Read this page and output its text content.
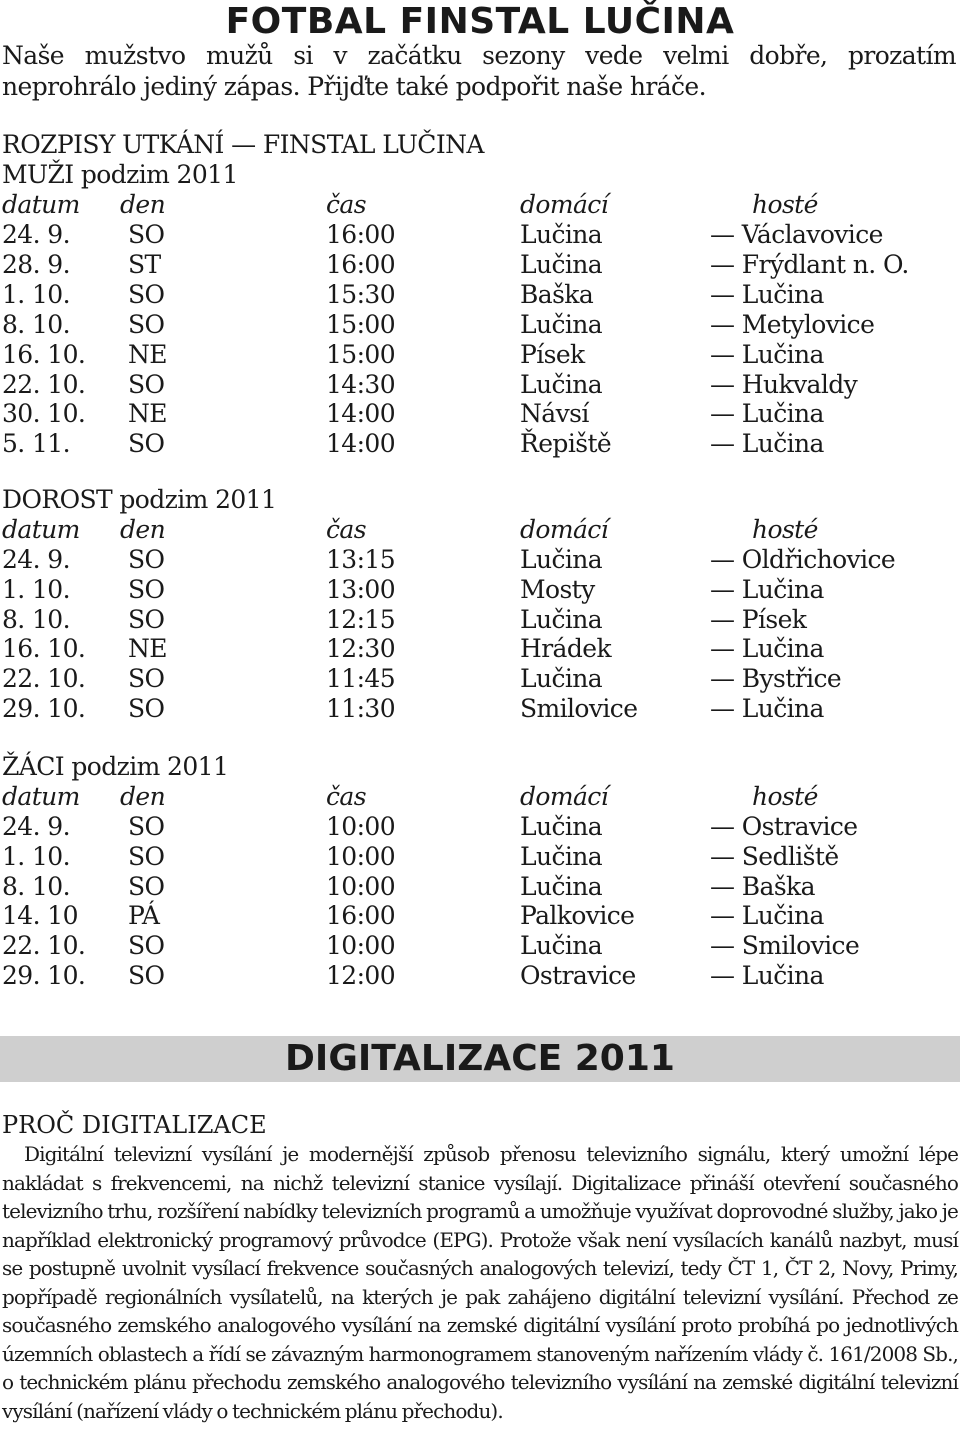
FOTBAL FINSTAL LUČINA
Naše mužstvo mužů si v začátku sezony vede velmi dobře, prozatím neprohrálo jediný zápas. Přijďte také podpořit naše hráče.
ROZPISY UTKÁNÍ — FINSTAL LUČINA
MUŽI podzim 2011
datum den	čas	domácí	hosté
24. 9. SO	16:00	Lučina	— Václavovice
28. 9. ST	16:00	Lučina	— Frýdlant n. O.
1. 10. SO	15:30	Baška	— Lučina
8. 10. SO	15:00	Lučina	— Metylovice
16. 10. NE	15:00	Písek	— Lučina
22. 10. SO	14:30	Lučina	— Hukvaldy
30. 10. NE	14:00	Návsí	— Lučina
5. 11. SO	14:00	Řepiště	— Lučina
DOROST podzim 2011
datum den	čas	domácí	hosté
24. 9. SO	13:15	Lučina	— Oldřichovice
1. 10. SO	13:00	Mosty	— Lučina
8. 10. SO	12:15	Lučina	— Písek
16. 10. NE	12:30	Hrádek	— Lučina
22. 10. SO	11:45	Lučina	— Bystřice
29. 10. SO	11:30	Smilovice	— Lučina
ŽÁCI podzim 2011
datum den	čas	domácí	hosté
24. 9. SO	10:00	Lučina	— Ostravice
1. 10. SO	10:00	Lučina	— Sedliště
8. 10. SO	10:00	Lučina	— Baška
14. 10 PÁ	16:00	Palkovice	— Lučina
22. 10. SO	10:00	Lučina	— Smilovice
29. 10. SO	12:00	Ostravice	— Lučina
DIGITALIZACE 2011
PROČ DIGITALIZACE

Digitální televizní vysílání je modernější způsob přenosu televizního signálu, který umožní lépe nakládat s frekvencemi, na nichž televizní stanice vysílají. Digitalizace přináší otevření současného televizního trhu, rozšíření nabídky televizních programů a umožňuje využívat doprovodné služby, jako je například elektronický programový průvodce (EPG). Protože však není vysílacích kanálů nazbyt, musí se postupně uvolnit vysílací frekvence současných analogových televizí, tedy ČT 1, ČT 2, Novy, Primy, popřípadě regionálních vysílatelů, na kterých je pak zahájeno digitální televizní vysílání. Přechod ze současného zemského analogového vysílání na zemské digitální vysílání proto probíhá po jednotlivých územních oblastech a řídí se závazným harmonogramem stanoveným nařízením vlády č. 161/2008 Sb., o technickém plánu přechodu zemského analogového televizního vysílání na zemské digitální televizní vysílání (nařízení vlády o technickém plánu přechodu).
